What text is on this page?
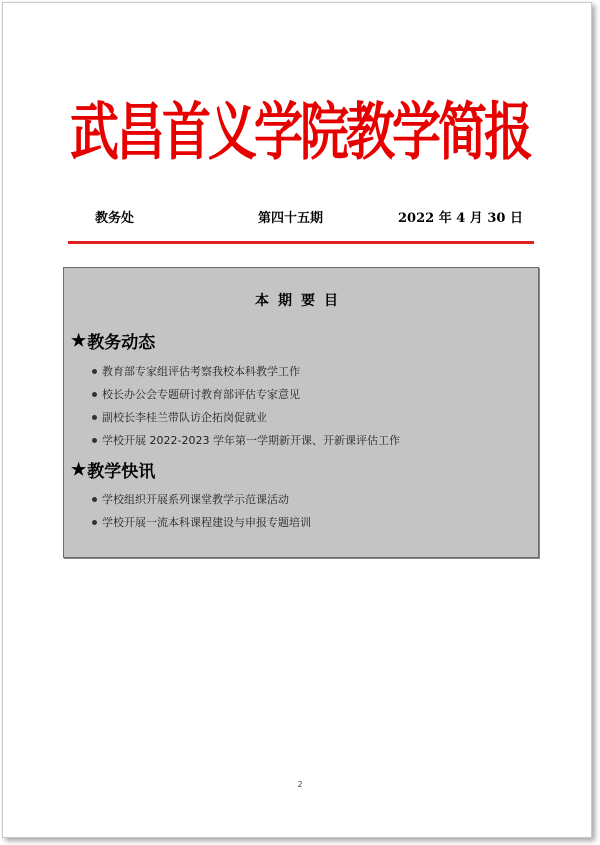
武昌首义学院教学简报
教务处	第四十五期	2022 年 4 月 30 日
本期要目
★ 教务动态
教育部专家组评估考察我校本科教学工作
校长办公会专题研讨教育部评估专家意见
副校长李桂兰带队访企拓岗促就业
学校开展 2022-2023 学年第一学期新开课、开新课评估工作
★ 教学快讯
学校组织开展系列课堂教学示范课活动
学校开展一流本科课程建设与申报专题培训
2
